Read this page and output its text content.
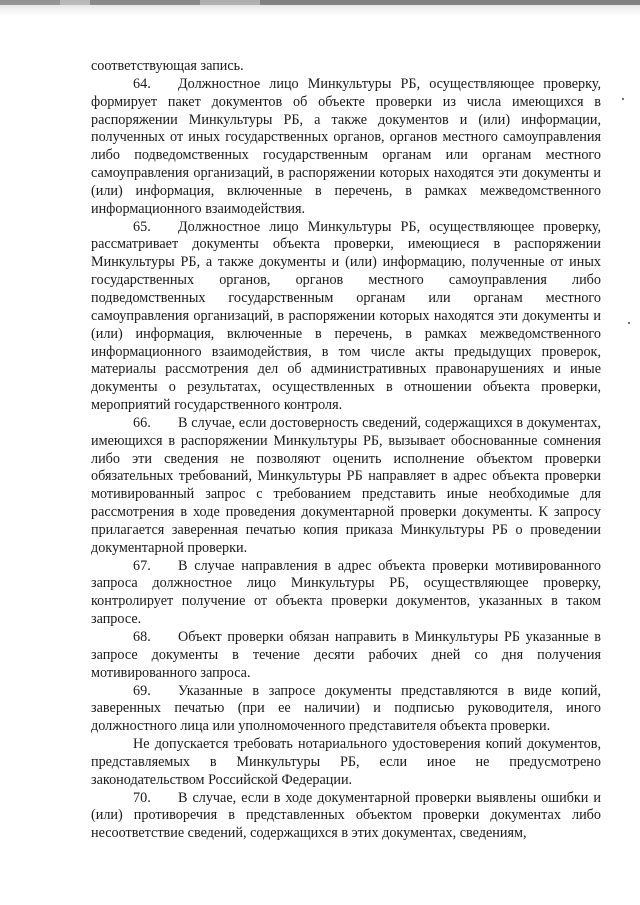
соответствующая запись.

64. Должностное лицо Минкультуры РБ, осуществляющее проверку, формирует пакет документов об объекте проверки из числа имеющихся в распоряжении Минкультуры РБ, а также документов и (или) информации, полученных от иных государственных органов, органов местного самоуправления либо подведомственных государственным органам или органам местного самоуправления организаций, в распоряжении которых находятся эти документы и (или) информация, включенные в перечень, в рамках межведомственного информационного взаимодействия.

65. Должностное лицо Минкультуры РБ, осуществляющее проверку, рассматривает документы объекта проверки, имеющиеся в распоряжении Минкультуры РБ, а также документы и (или) информацию, полученные от иных государственных органов, органов местного самоуправления либо подведомственных государственным органам или органам местного самоуправления организаций, в распоряжении которых находятся эти документы и (или) информация, включенные в перечень, в рамках межведомственного информационного взаимодействия, в том числе акты предыдущих проверок, материалы рассмотрения дел об административных правонарушениях и иные документы о результатах, осуществленных в отношении объекта проверки, мероприятий государственного контроля.

66. В случае, если достоверность сведений, содержащихся в документах, имеющихся в распоряжении Минкультуры РБ, вызывает обоснованные сомнения либо эти сведения не позволяют оценить исполнение объектом проверки обязательных требований, Минкультуры РБ направляет в адрес объекта проверки мотивированный запрос с требованием представить иные необходимые для рассмотрения в ходе проведения документарной проверки документы. К запросу прилагается заверенная печатью копия приказа Минкультуры РБ о проведении документарной проверки.

67. В случае направления в адрес объекта проверки мотивированного запроса должностное лицо Минкультуры РБ, осуществляющее проверку, контролирует получение от объекта проверки документов, указанных в таком запросе.

68. Объект проверки обязан направить в Минкультуры РБ указанные в запросе документы в течение десяти рабочих дней со дня получения мотивированного запроса.

69. Указанные в запросе документы представляются в виде копий, заверенных печатью (при ее наличии) и подписью руководителя, иного должностного лица или уполномоченного представителя объекта проверки.

Не допускается требовать нотариального удостоверения копий документов, представляемых в Минкультуры РБ, если иное не предусмотрено законодательством Российской Федерации.

70. В случае, если в ходе документарной проверки выявлены ошибки и (или) противоречия в представленных объектом проверки документах либо несоответствие сведений, содержащихся в этих документах, сведениям,
